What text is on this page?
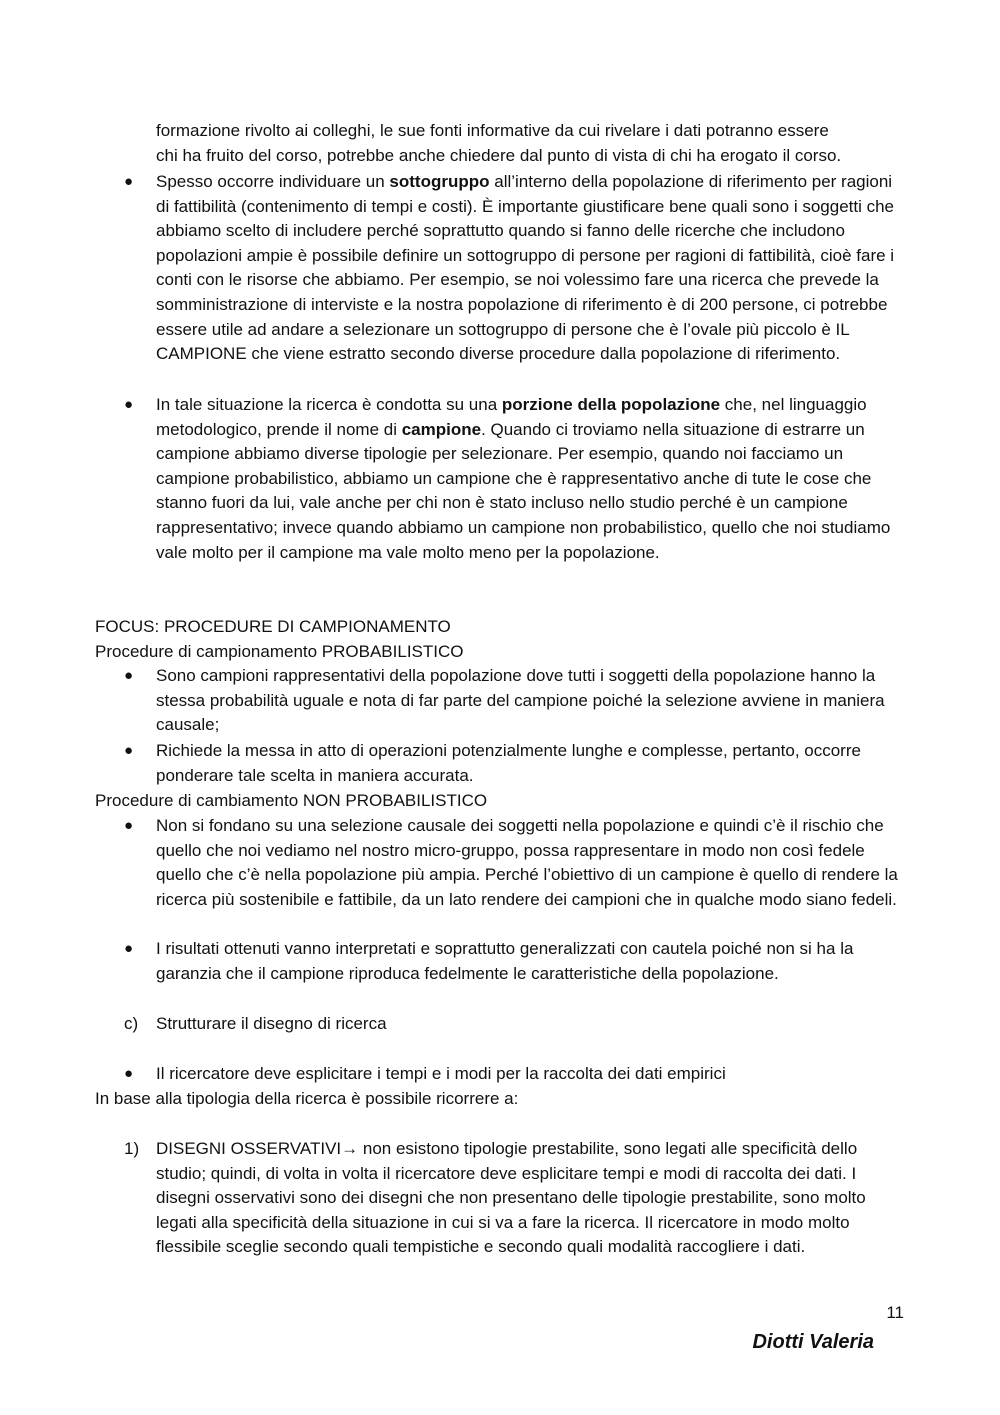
formazione rivolto ai colleghi, le sue fonti informative da cui rivelare i dati potranno essere
chi ha fruito del corso, potrebbe anche chiedere dal punto di vista di chi ha erogato il corso.

● Spesso occorre individuare un sottogruppo all’interno della popolazione di riferimento per ragioni di fattibilità (contenimento di tempi e costi). È importante giustificare bene quali sono i soggetti che abbiamo scelto di includere perché soprattutto quando si fanno delle ricerche che includono popolazioni ampie è possibile definire un sottogruppo di persone per ragioni di fattibilità, cioè fare i conti con le risorse che abbiamo. Per esempio, se noi volessimo fare una ricerca che prevede la somministrazione di interviste e la nostra popolazione di riferimento è di 200 persone, ci potrebbe essere utile ad andare a selezionare un sottogruppo di persone che è l’ovale più piccolo è IL CAMPIONE che viene estratto secondo diverse procedure dalla popolazione di riferimento.

● In tale situazione la ricerca è condotta su una porzione della popolazione che, nel linguaggio metodologico, prende il nome di campione. Quando ci troviamo nella situazione di estrarre un campione abbiamo diverse tipologie per selezionare. Per esempio, quando noi facciamo un campione probabilistico, abbiamo un campione che è rappresentativo anche di tute le cose che stanno fuori da lui, vale anche per chi non è stato incluso nello studio perché è un campione rappresentativo; invece quando abbiamo un campione non probabilistico, quello che noi studiamo vale molto per il campione ma vale molto meno per la popolazione.

FOCUS: PROCEDURE DI CAMPIONAMENTO

Procedure di campionamento PROBABILISTICO

● Sono campioni rappresentativi della popolazione dove tutti i soggetti della popolazione hanno la stessa probabilità uguale e nota di far parte del campione poiché la selezione avviene in maniera causale;

● Richiede la messa in atto di operazioni potenzialmente lunghe e complesse, pertanto, occorre ponderare tale scelta in maniera accurata.

Procedure di cambiamento NON PROBABILISTICO

● Non si fondano su una selezione causale dei soggetti nella popolazione e quindi c’è il rischio che quello che noi vediamo nel nostro micro-gruppo, possa rappresentare in modo non così fedele quello che c’è nella popolazione più ampia. Perché l’obiettivo di un campione è quello di rendere la ricerca più sostenibile e fattibile, da un lato rendere dei campioni che in qualche modo siano fedeli.

● I risultati ottenuti vanno interpretati e soprattutto generalizzati con cautela poiché non si ha la garanzia che il campione riproduca fedelmente le caratteristiche della popolazione.

c) Strutturare il disegno di ricerca

● Il ricercatore deve esplicitare i tempi e i modi per la raccolta dei dati empirici

In base alla tipologia della ricerca è possibile ricorrere a:

1) DISEGNI OSSERVATIVI→ non esistono tipologie prestabilite, sono legati alle specificità dello studio; quindi, di volta in volta il ricercatore deve esplicitare tempi e modi di raccolta dei dati. I disegni osservativi sono dei disegni che non presentano delle tipologie prestabilite, sono molto legati alla specificità della situazione in cui si va a fare la ricerca. Il ricercatore in modo molto flessibile sceglie secondo quali tempistiche e secondo quali modalità raccogliere i dati.

11
Diotti Valeria
